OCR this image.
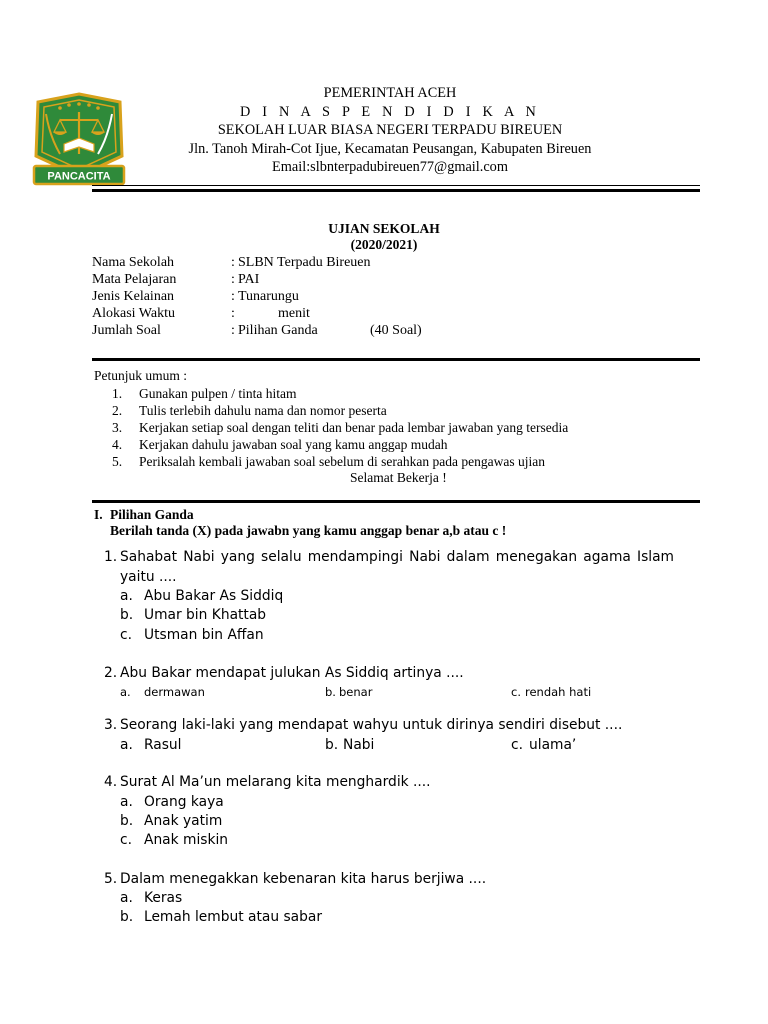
PANCACITA
PEMERINTAH ACEH
D I N A S P E N D I D I K A N
SEKOLAH LUAR BIASA NEGERI TERPADU BIREUEN
Jln. Tanoh Mirah-Cot Ijue, Kecamatan Peusangan, Kabupaten Bireuen
Email:slbnterpadubireuen77@gmail.com
UJIAN SEKOLAH
(2020/2021)
Nama Sekolah	: SLBN Terpadu Bireuen
Mata Pelajaran	: PAI
Jenis Kelainan	: Tunarungu
Alokasi Waktu	:	menit
Jumlah Soal	: Pilihan Ganda	(40 Soal)
Petunjuk umum :
1. Gunakan pulpen / tinta hitam
2. Tulis terlebih dahulu nama dan nomor peserta
3. Kerjakan setiap soal dengan teliti dan benar pada lembar jawaban yang tersedia
4. Kerjakan dahulu jawaban soal yang kamu anggap mudah
5. Periksalah kembali jawaban soal sebelum di serahkan pada pengawas ujian
Selamat Bekerja !
I. Pilihan Ganda
Berilah tanda (X) pada jawabn yang kamu anggap benar a,b atau c !
1. Sahabat Nabi yang selalu mendampingi Nabi dalam menegakan agama Islam
yaitu ....
a. Abu Bakar As Siddiq
b. Umar bin Khattab
c. Utsman bin Affan
2. Abu Bakar mendapat julukan As Siddiq artinya ....
a. dermawan	b. benar	c. rendah hati
3. Seorang laki-laki yang mendapat wahyu untuk dirinya sendiri disebut ....
a. Rasul	b. Nabi	c. ulama’
4. Surat Al Ma’un melarang kita menghardik ....
a. Orang kaya
b. Anak yatim
c. Anak miskin
5. Dalam menegakkan kebenaran kita harus berjiwa ....
a. Keras
b. Lemah lembut atau sabar
